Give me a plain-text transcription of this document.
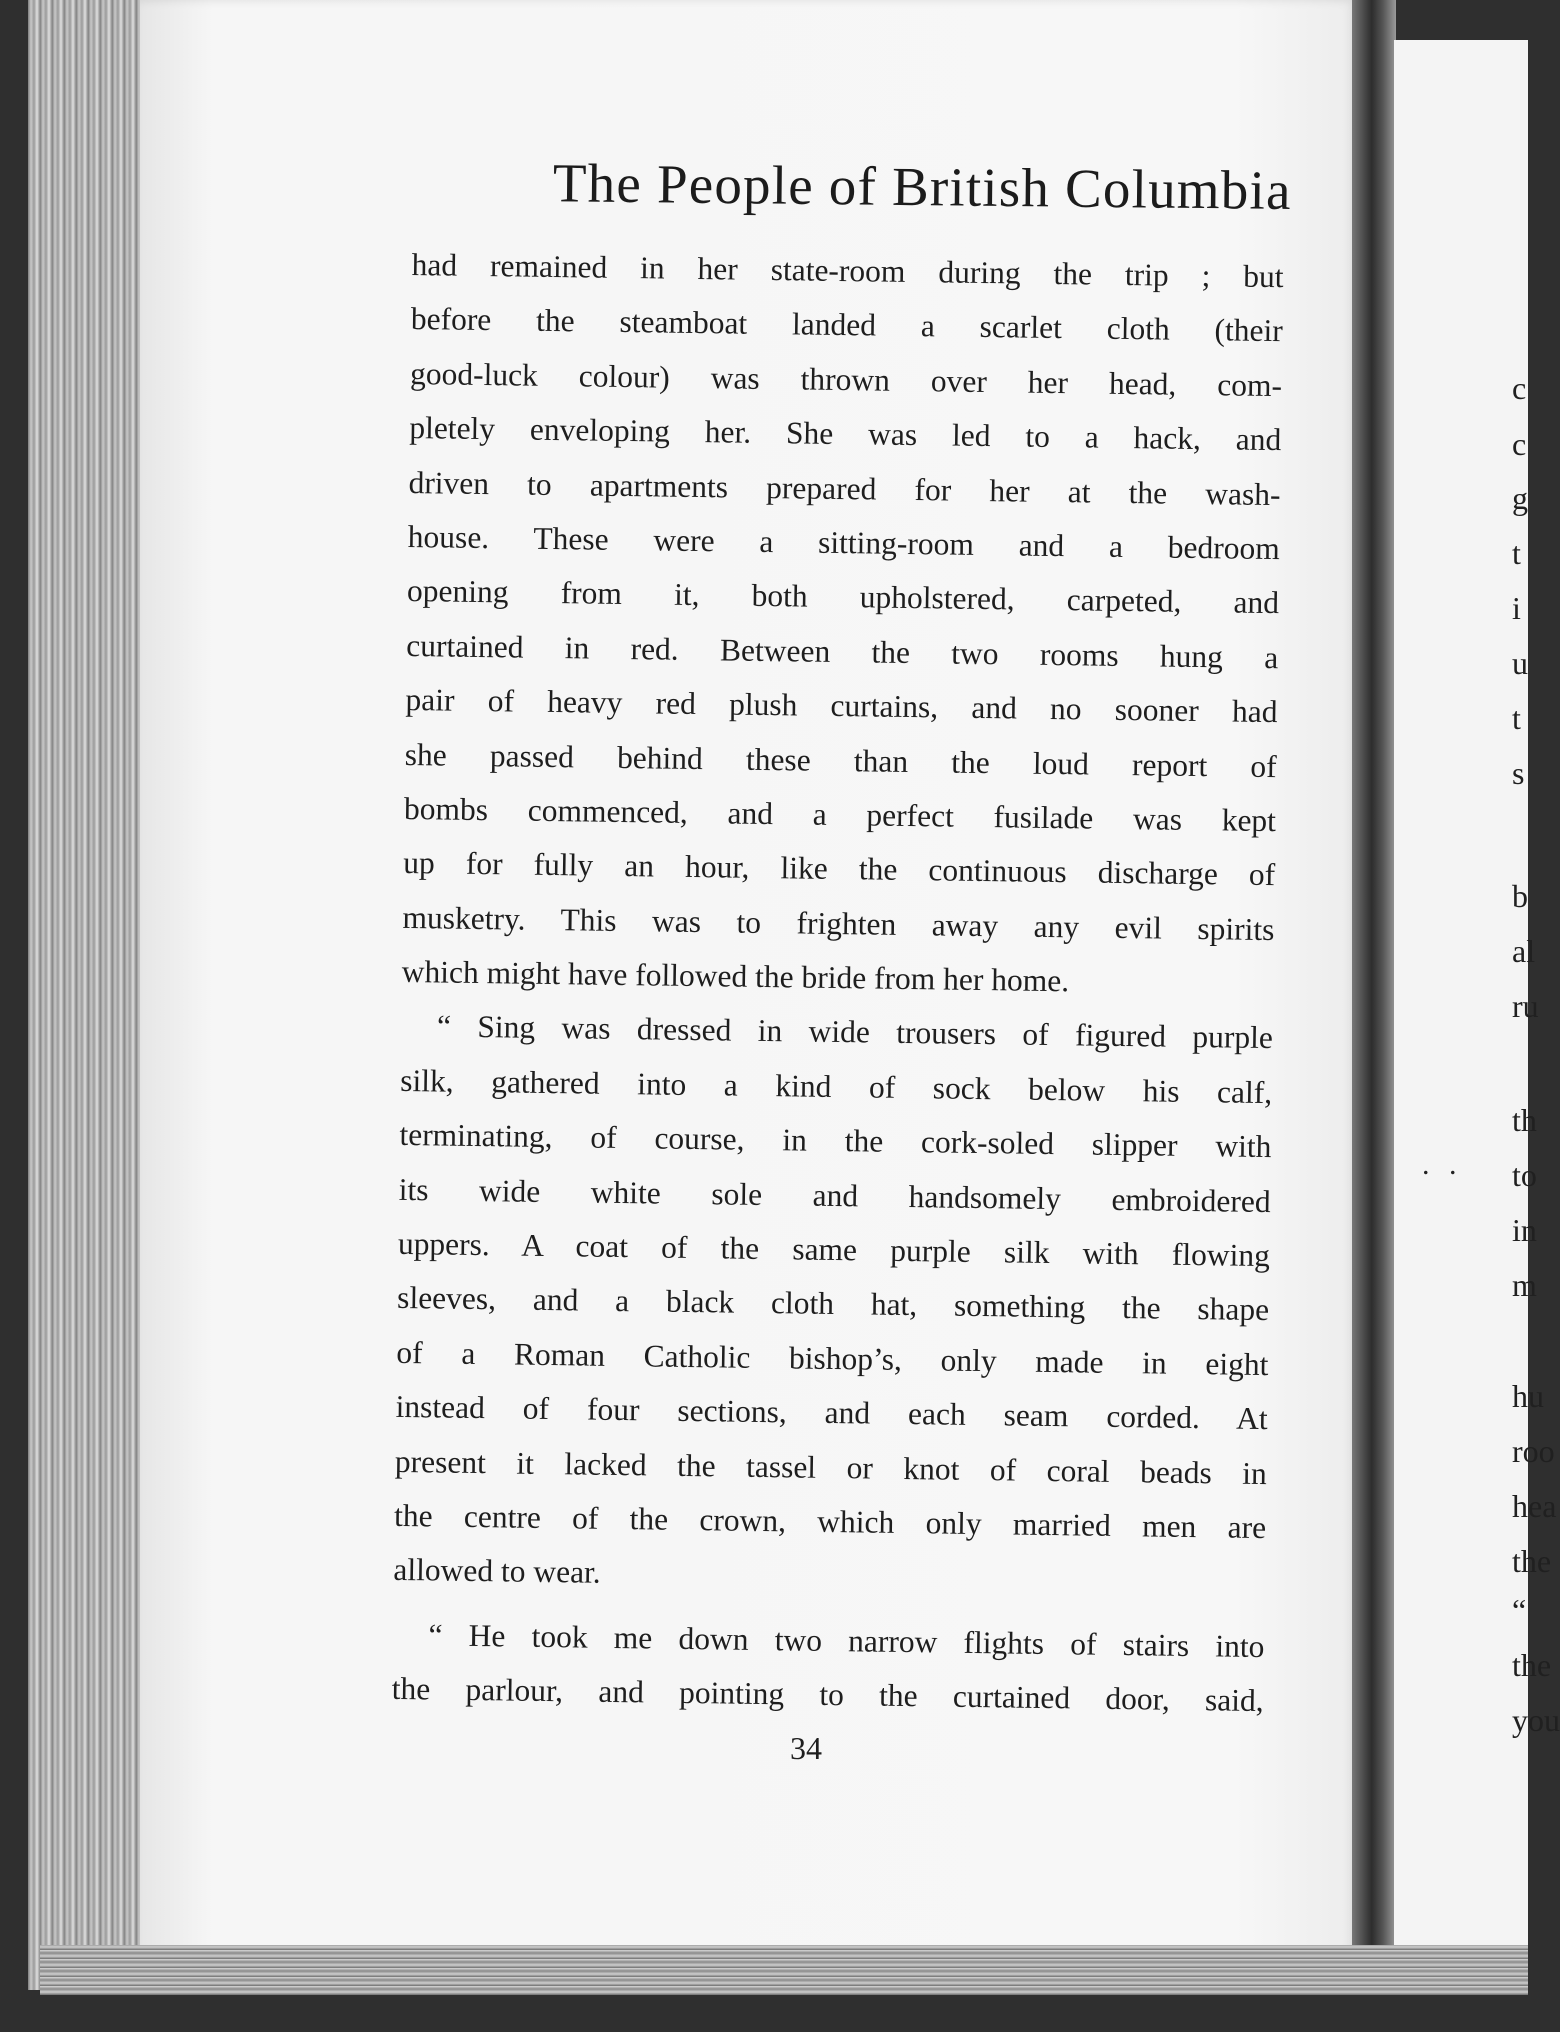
c
c
g
t
i
u
t
s
b
al
ru
th
to
in
m
hu
roo
hea
the
“
the
you
. .
The People of British Columbia
had remained in her state-room during the trip ; but
before the steamboat landed a scarlet cloth (their
good-luck colour) was thrown over her head, com-
pletely enveloping her. She was led to a hack, and
driven to apartments prepared for her at the wash-
house. These were a sitting-room and a bedroom
opening from it, both upholstered, carpeted, and
curtained in red. Between the two rooms hung a
pair of heavy red plush curtains, and no sooner had
she passed behind these than the loud report of
bombs commenced, and a perfect fusilade was kept
up for fully an hour, like the continuous discharge of
musketry. This was to frighten away any evil spirits
which might have followed the bride from her home.
“ Sing was dressed in wide trousers of figured purple
silk, gathered into a kind of sock below his calf,
terminating, of course, in the cork-soled slipper with
its wide white sole and handsomely embroidered
uppers. A coat of the same purple silk with flowing
sleeves, and a black cloth hat, something the shape
of a Roman Catholic bishop’s, only made in eight
instead of four sections, and each seam corded. At
present it lacked the tassel or knot of coral beads in
the centre of the crown, which only married men are
allowed to wear.
“ He took me down two narrow flights of stairs into
the parlour, and pointing to the curtained door, said,
34
